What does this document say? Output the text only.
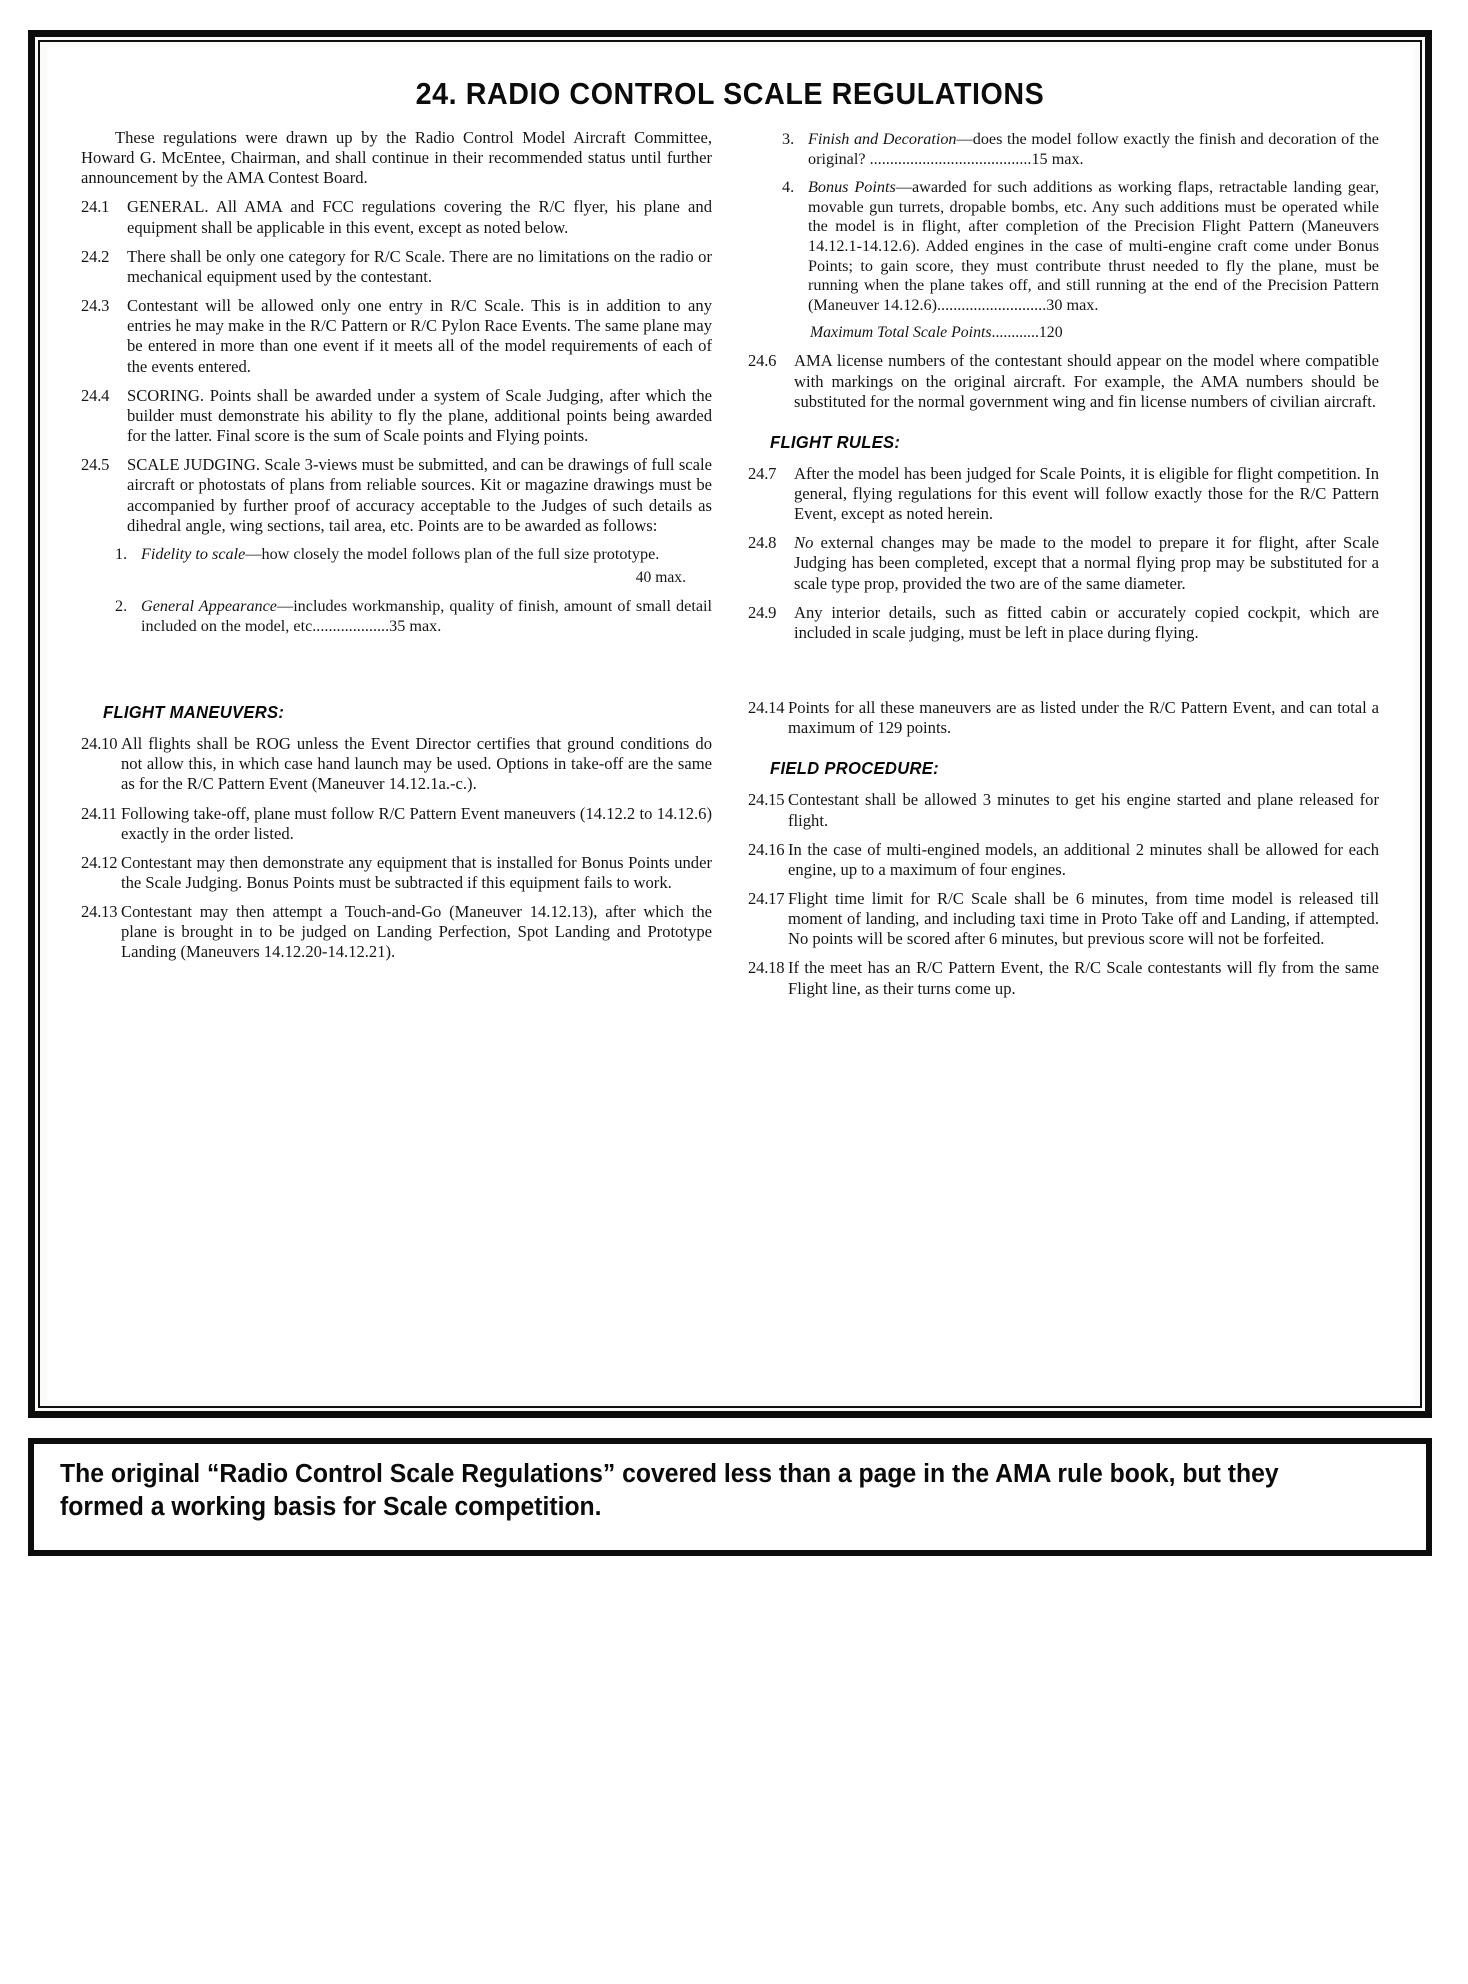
24. RADIO CONTROL SCALE REGULATIONS
These regulations were drawn up by the Radio Control Model Aircraft Committee, Howard G. McEntee, Chairman, and shall continue in their recommended status until further announcement by the AMA Contest Board.
24.1	GENERAL. All AMA and FCC regulations covering the R/C flyer, his plane and equipment shall be applicable in this event, except as noted below.
24.2	There shall be only one category for R/C Scale. There are no limitations on the radio or mechanical equipment used by the contestant.
24.3	Contestant will be allowed only one entry in R/C Scale. This is in addition to any entries he may make in the R/C Pattern or R/C Pylon Race Events. The same plane may be entered in more than one event if it meets all of the model requirements of each of the events entered.
24.4	SCORING. Points shall be awarded under a system of Scale Judging, after which the builder must demonstrate his ability to fly the plane, additional points being awarded for the latter. Final score is the sum of Scale points and Flying points.
24.5	SCALE JUDGING. Scale 3-views must be submitted, and can be drawings of full scale aircraft or photostats of plans from reliable sources. Kit or magazine drawings must be accompanied by further proof of accuracy acceptable to the Judges of such details as dihedral angle, wing sections, tail area, etc. Points are to be awarded as follows:
1. Fidelity to scale—how closely the model follows plan of the full size prototype.
40 max.
2. General Appearance—includes workmanship, quality of finish, amount of small detail included on the model, etc...................35 max.
3. Finish and Decoration—does the model follow exactly the finish and decoration of the original? ........................................15 max.
4. Bonus Points—awarded for such additions as working flaps, retractable landing gear, movable gun turrets, dropable bombs, etc. Any such additions must be operated while the model is in flight, after completion of the Precision Flight Pattern (Maneuvers 14.12.1-14.12.6). Added engines in the case of multi-engine craft come under Bonus Points; to gain score, they must contribute thrust needed to fly the plane, must be running when the plane takes off, and still running at the end of the Precision Pattern (Maneuver 14.12.6)...........................30 max.
Maximum Total Scale Points............120
24.6	AMA license numbers of the contestant should appear on the model where compatible with markings on the original aircraft. For example, the AMA numbers should be substituted for the normal government wing and fin license numbers of civilian aircraft.
FLIGHT RULES:
24.7	After the model has been judged for Scale Points, it is eligible for flight competition. In general, flying regulations for this event will follow exactly those for the R/C Pattern Event, except as noted herein.
24.8	No external changes may be made to the model to prepare it for flight, after Scale Judging has been completed, except that a normal flying prop may be substituted for a scale type prop, provided the two are of the same diameter.
24.9	Any interior details, such as fitted cabin or accurately copied cockpit, which are included in scale judging, must be left in place during flying.
FLIGHT MANEUVERS:
24.10 All flights shall be ROG unless the Event Director certifies that ground conditions do not allow this, in which case hand launch may be used. Options in take-off are the same as for the R/C Pattern Event (Maneuver 14.12.1a.-c.).
24.11 Following take-off, plane must follow R/C Pattern Event maneuvers (14.12.2 to 14.12.6) exactly in the order listed.
24.12 Contestant may then demonstrate any equipment that is installed for Bonus Points under the Scale Judging. Bonus Points must be subtracted if this equipment fails to work.
24.13 Contestant may then attempt a Touch-and-Go (Maneuver 14.12.13), after which the plane is brought in to be judged on Landing Perfection, Spot Landing and Prototype Landing (Maneuvers 14.12.20-14.12.21).
24.14 Points for all these maneuvers are as listed under the R/C Pattern Event, and can total a maximum of 129 points.
FIELD PROCEDURE:
24.15 Contestant shall be allowed 3 minutes to get his engine started and plane released for flight.
24.16 In the case of multi-engined models, an additional 2 minutes shall be allowed for each engine, up to a maximum of four engines.
24.17 Flight time limit for R/C Scale shall be 6 minutes, from time model is released till moment of landing, and including taxi time in Proto Take off and Landing, if attempted. No points will be scored after 6 minutes, but previous score will not be forfeited.
24.18 If the meet has an R/C Pattern Event, the R/C Scale contestants will fly from the same Flight line, as their turns come up.
The original “Radio Control Scale Regulations” covered less than a page in the AMA rule book, but they formed a working basis for Scale competition.
